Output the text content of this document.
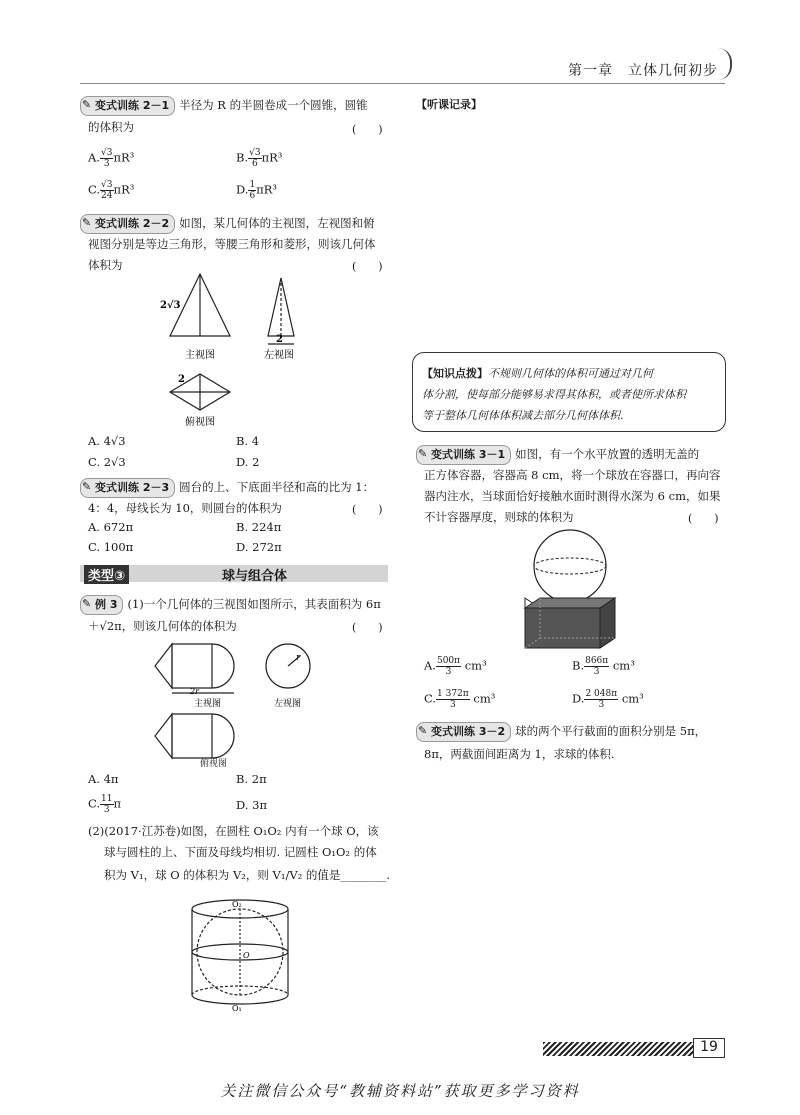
第一章　立体几何初步
✎ 变式训练 2－1 半径为 R 的半圆卷成一个圆锥，圆锥
的体积为	(　　)
A. $\frac{√3}{3} \pi R^3$	B. $\frac{√3}{6} \pi R^3$
C. $\frac{√3}{24} \pi R^3$	D. $\frac{1}{6} \pi R^3$
✎ 变式训练 2－2 如图，某几何体的主视图，左视图和俯
视图分别是等边三角形，等腰三角形和菱形，则该几何体
体积为	(　　)
2√3
2
2
主视图	左视图
俯视图
A. 4√3	B. 4
C. 2√3	D. 2
✎ 变式训练 2－3 圆台的上、下底面半径和高的比为 1：
4：4，母线长为 10，则圆台的体积为	(　　)
A. 672π	B. 224π
C. 100π	D. 272π
类型③	球与组合体
✎ 例 3 (1)一个几何体的三视图如图所示，其表面积为 6π
＋√2π，则该几何体的体积为	(　　)
r
2r
主视图	左视图
俯视图
A. 4π	B. 2π
C. $\frac{11}{3}$ π	D. 3π
(2)(2017·江苏卷)如图，在圆柱 O₁O₂ 内有一个球 O，该
球与圆柱的上、下面及母线均相切. 记圆柱 O₁O₂ 的体
积为 V₁，球 O 的体积为 V₂，则 V₁/V₂ 的值是________.
O₂
O
O₁
【听课记录】
【知识点拨】不规则几何体的体积可通过对几何
体分割，使每部分能够易求得其体积，或者使所求体积
等于整体几何体体积减去部分几何体体积.
✎ 变式训练 3－1 如图，有一个水平放置的透明无盖的
正方体容器，容器高 8 cm，将一个球放在容器口，再向容
器内注水，当球面恰好接触水面时测得水深为 6 cm，如果
不计容器厚度，则球的体积为	(　　)
A. $\frac{500\pi}{3} cm^3$	B. $\frac{866\pi}{3} cm^3$
C. $\frac{1 372\pi}{3} cm^3$	D. $\frac{2 048\pi}{3} cm^3$
✎ 变式训练 3－2 球的两个平行截面的面积分别是 5π，
8π，两截面间距离为 1，求球的体积.
19
关注微信公众号“教辅资料站”获取更多学习资料
